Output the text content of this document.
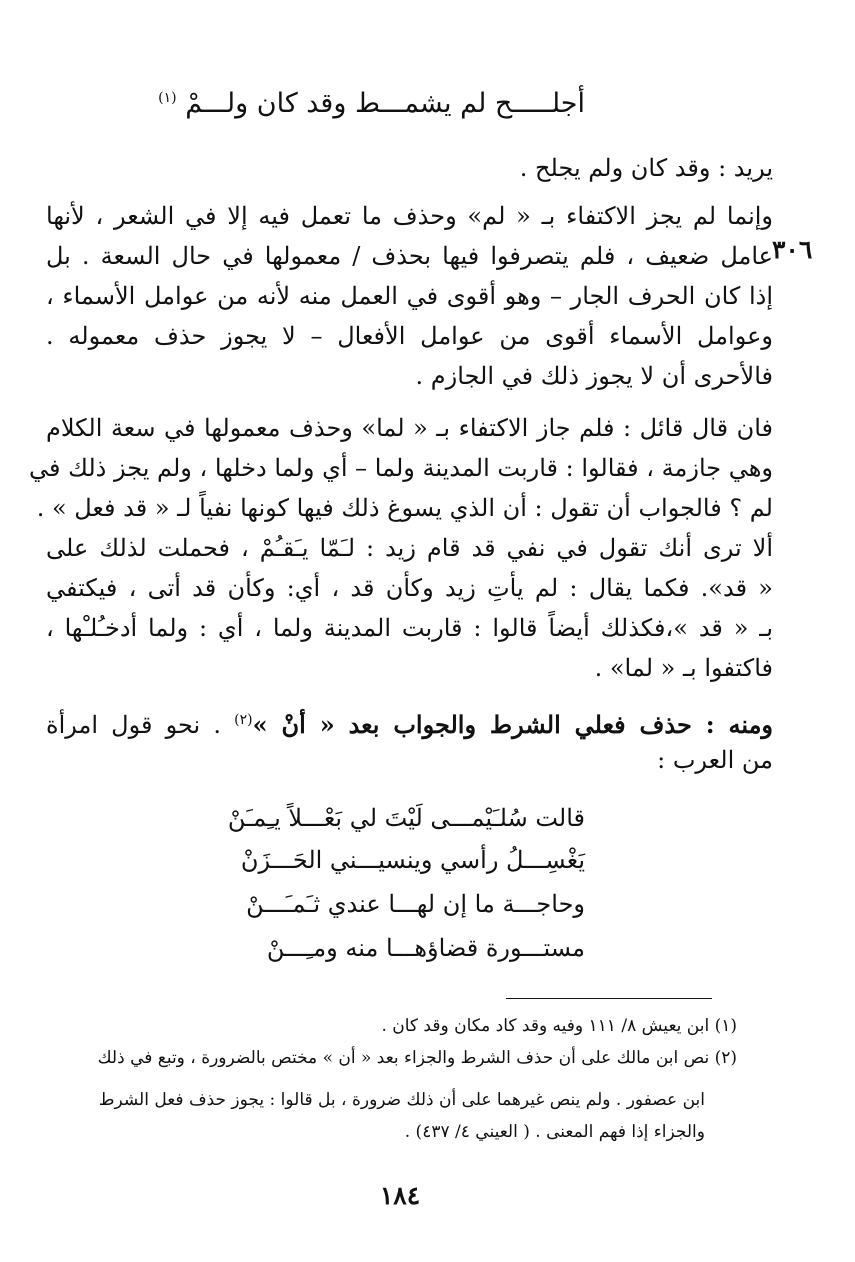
أجلـــــح لم يشمـــط وقد كان ولـــمْ $^{(١)}$
يريد : وقد كان ولم يجلح .
وإنما لم يجز الاكتفاء بـ « لم» وحذف ما تعمل فيه إلا في الشعر ، لأنها
عامل ضعيف ، فلم يتصرفوا فيها بحذف / معمولها في حال السعة . بل
إذا كان الحرف الجار – وهو أقوى في العمل منه لأنه من عوامل الأسماء ،
وعوامل الأسماء أقوى من عوامل الأفعال – لا يجوز حذف معموله .
فالأحرى أن لا يجوز ذلك في الجازم .
٣٠٦
فان قال قائل : فلم جاز الاكتفاء بـ « لما» وحذف معمولها في سعة الكلام
وهي جازمة ، فقالوا : قاربت المدينة ولما – أي ولما دخلها ، ولم يجز ذلك في
لم ؟ فالجواب أن تقول : أن الذي يسوغ ذلك فيها كونها نفياً لـ « قد فعل » .
ألا ترى أنك تقول في نفي قد قام زيد : لـَمّا يـَقـُمْ ، فحملت لذلك على
« قد». فكما يقال : لم يأتِ زيد وكأن قد ، أي: وكأن قد أتى ، فيكتفي
بـ « قد »،فكذلك أيضاً قالوا : قاربت المدينة ولما ، أي : ولما أدخـُلـْها ،
فاكتفوا بـ « لما» .
ومنه : حذف فعلي الشرط والجواب بعد « أنْ »$^{(٢)}$ . نحو قول امرأة
من العرب :
قالت سُلـَيْمـــى لَيْتَ لي بَعْـــلاً يـِمـَنْ
يَغْسِـــلُ رأسي وينسيـــني الحَـــزَنْ
وحاجـــة ما إن لهـــا عندي ثـَمـَـــنْ
مستـــورة قضاؤهـــا منه ومـِـــنْ
(١) ابن يعيش ٨/ ١١١ وفيه وقد كاد مكان وقد كان .
(٢) نص ابن مالك على أن حذف الشرط والجزاء بعد « أن » مختص بالضرورة ، وتبع في ذلك
ابن عصفور . ولم ينص غيرهما على أن ذلك ضرورة ، بل قالوا : يجوز حذف فعل الشرط
والجزاء إذا فهم المعنى . ( العيني ٤/ ٤٣٧) .
١٨٤
